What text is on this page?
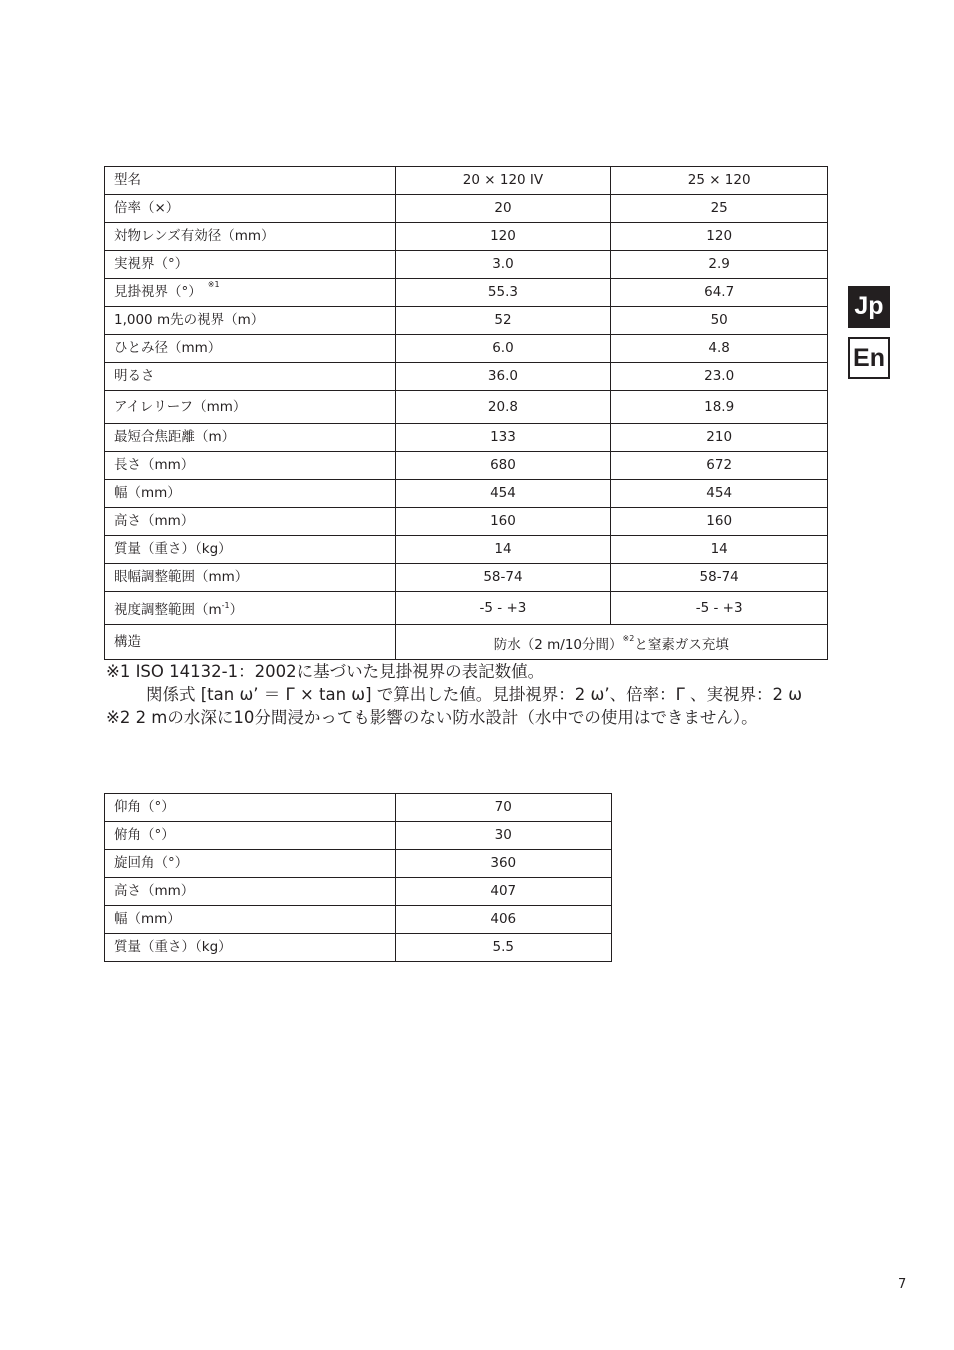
型名	20 × 120 IV	25 × 120
倍率（×）	20	25
対物レンズ有効径（mm）	120	120
実視界（°）	3.0	2.9
見掛視界（°） $^{※1}$	55.3	64.7
1,000 m先の視界（m）	52	50
ひとみ径（mm）	6.0	4.8
明るさ	36.0	23.0
アイレリーフ（mm）	20.8	18.9
最短合焦距離（m）	133	210
長さ（mm）	680	672
幅（mm）	454	454
高さ（mm）	160	160
質量（重さ）（kg）	14	14
眼幅調整範囲（mm）	58-74	58-74
視度調整範囲$(m^{-1})$	-5 - +3	-5 - +3
構造	防水（2 m/10分間）$^{※2}$と窒素ガス充填	
※1 ISO 14132-1：2002に基づいた見掛視界の表記数値。
関係式 [tan ω’ ＝ Γ × tan ω] で算出した値。見掛視界：2 ω’、倍率：Γ 、実視界：2 ω
※2 2 mの水深に10分間浸かっても影響のない防水設計（水中での使用はできません）。
仰角（°）	70
俯角（°）	30
旋回角（°）	360
高さ（mm）	407
幅（mm）	406
質量（重さ）（kg）	5.5
Jp
En
7
